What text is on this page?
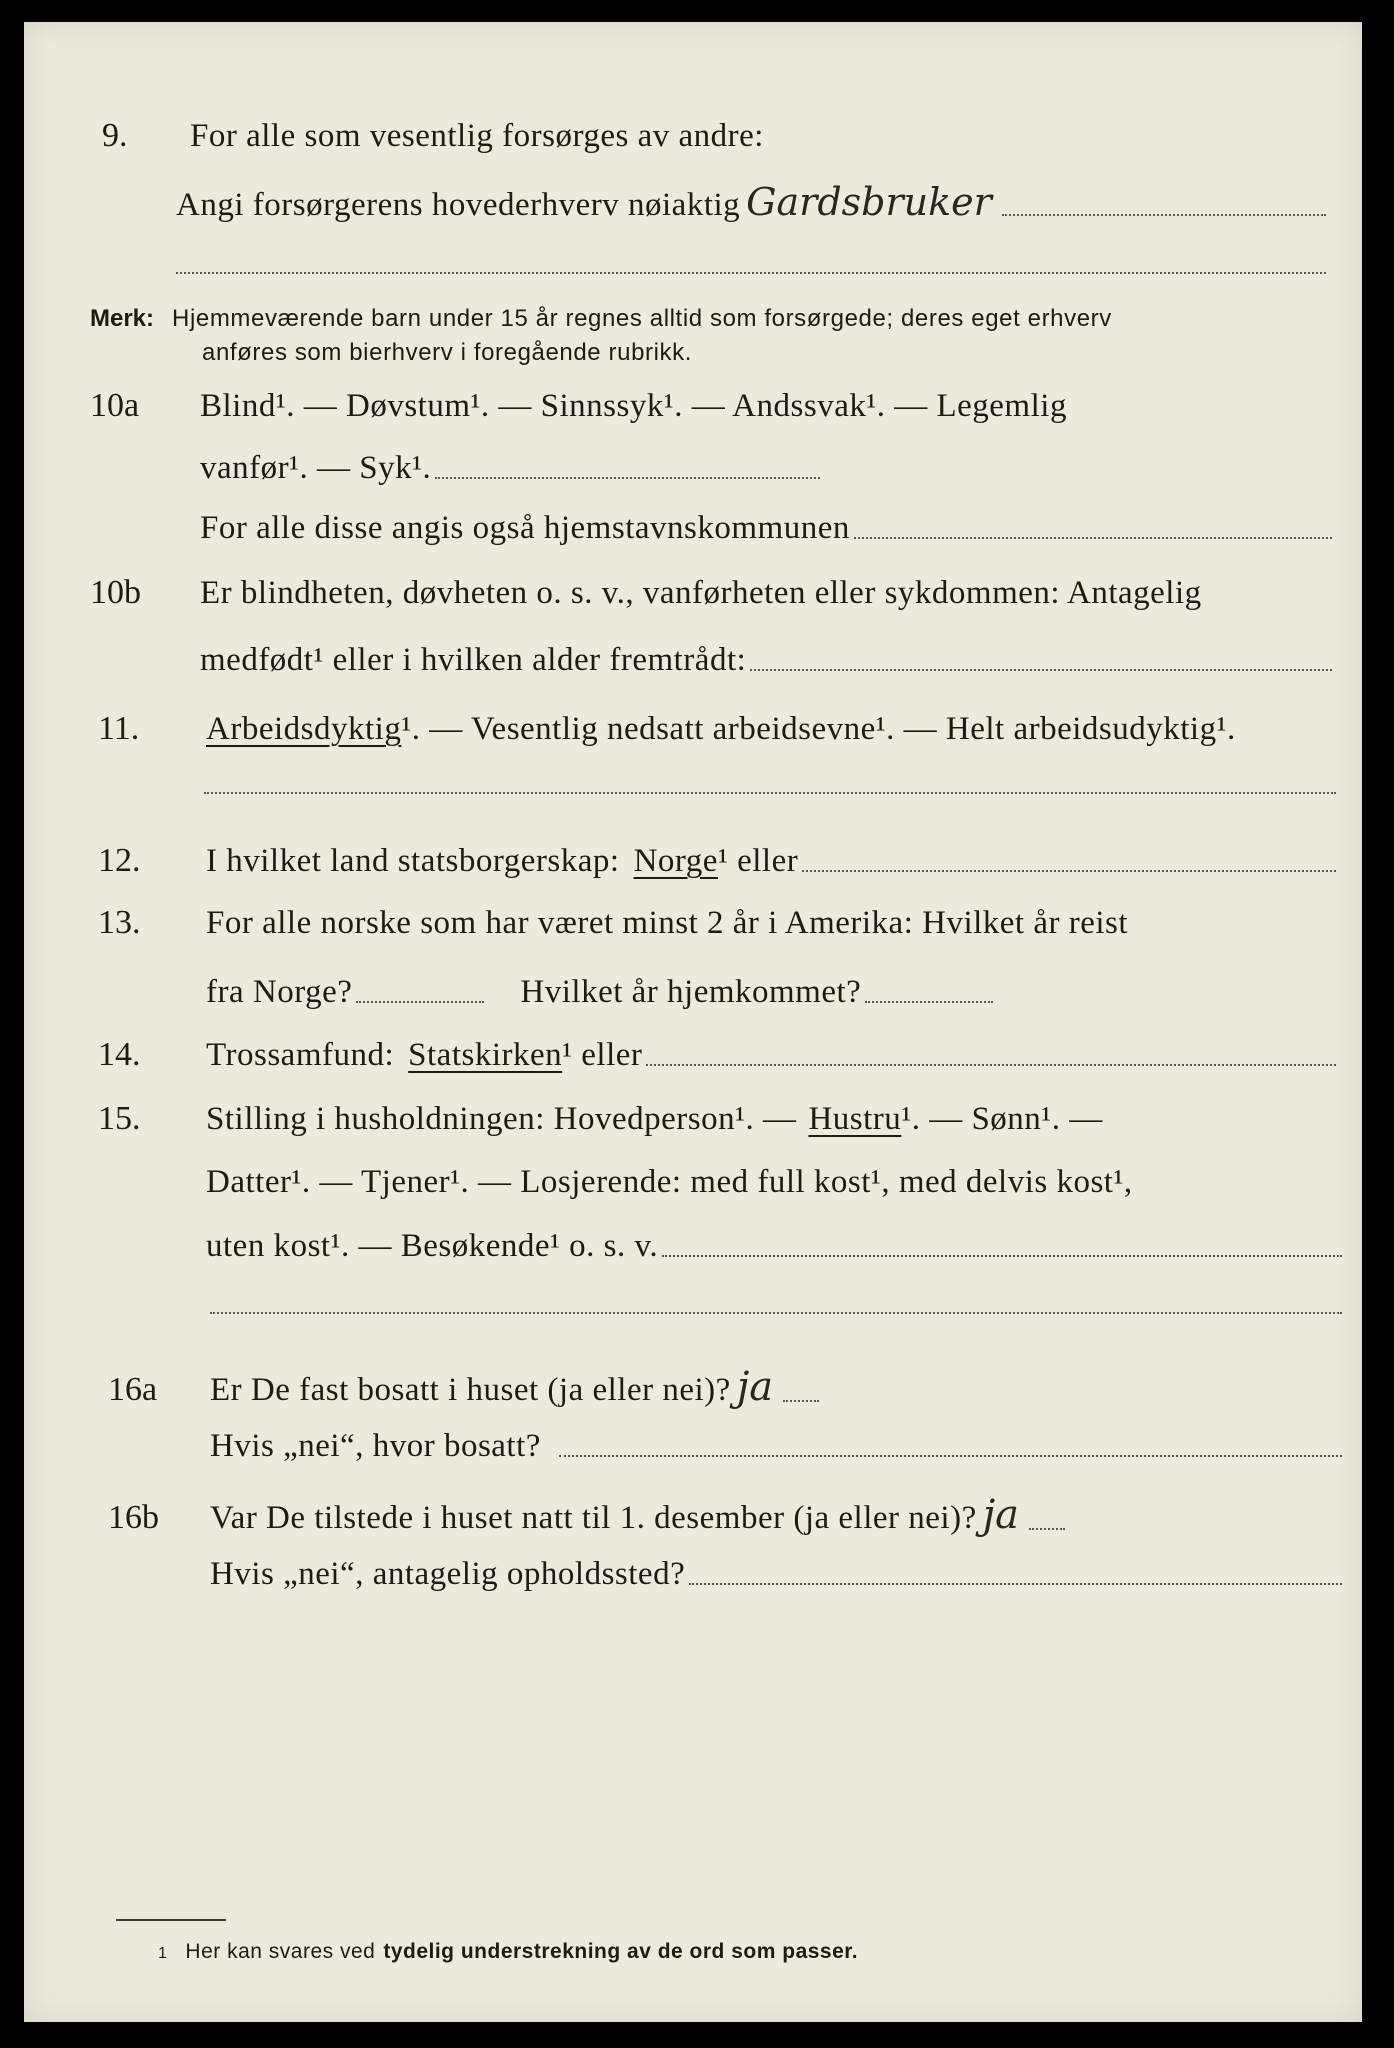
9.	For alle som vesentlig forsørges av andre:
Angi forsørgerens hovederhverv nøiaktig Gardsbruker
Merk: Hjemmeværende barn under 15 år regnes alltid som forsørgede; deres eget erhverv
anføres som bierhverv i foregående rubrikk.
10a	Blind¹. — Døvstum¹. — Sinnssyk¹. — Andssvak¹. — Legemlig
vanfør¹. — Syk¹.
For alle disse angis også hjemstavnskommunen
10b	Er blindheten, døvheten o. s. v., vanførheten eller sykdommen: Antagelig
medfødt¹ eller i hvilken alder fremtrådt:
11.	Arbeidsdyktig ¹. — Vesentlig nedsatt arbeidsevne¹. — Helt arbeidsudyktig¹.
12.	I hvilket land statsborgerskap: Norge ¹ eller
13.	For alle norske som har været minst 2 år i Amerika: Hvilket år reist
fra Norge?	Hvilket år hjemkommet?
14.	Trossamfund: Statskirken ¹ eller
15.	Stilling i husholdningen: Hovedperson¹. — Hustru ¹. — Sønn¹. —
Datter¹. — Tjener¹. — Losjerende: med full kost¹, med delvis kost¹,
uten kost¹. — Besøkende¹ o. s. v.
16a	Er De fast bosatt i huset (ja eller nei)? ja
Hvis „nei“, hvor bosatt?
16b	Var De tilstede i huset natt til 1. desember (ja eller nei)? ja
Hvis „nei“, antagelig opholdssted?
1 Her kan svares ved tydelig understrekning av de ord som passer.
